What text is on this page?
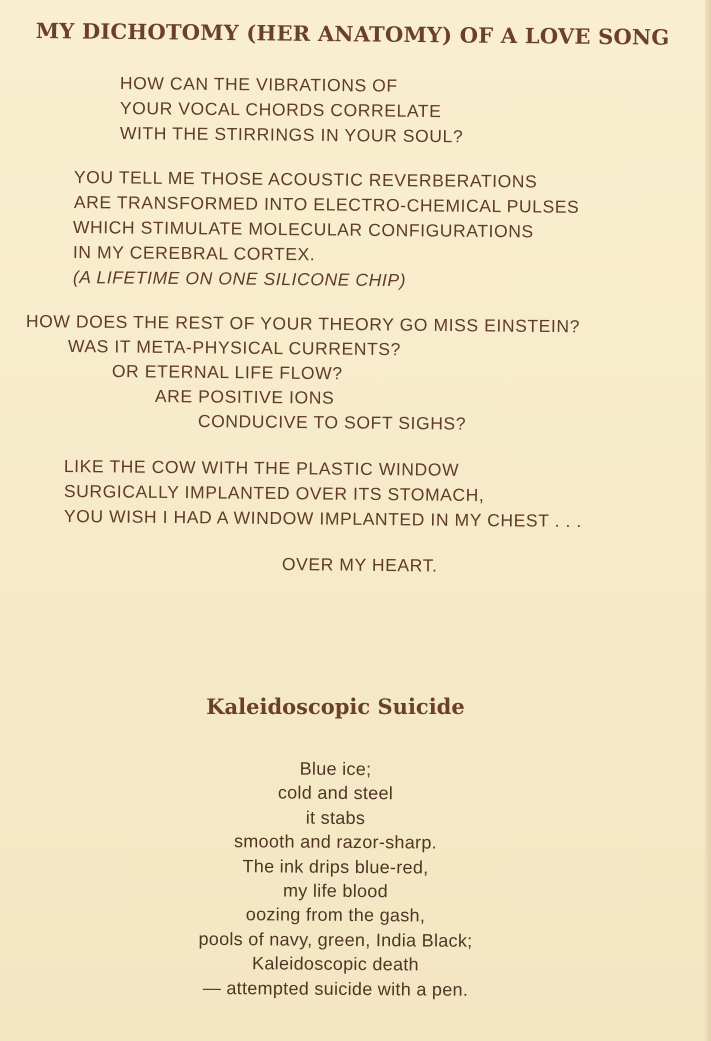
MY DICHOTOMY (HER ANATOMY) OF A LOVE SONG
HOW CAN THE VIBRATIONS OF
YOUR VOCAL CHORDS CORRELATE
WITH THE STIRRINGS IN YOUR SOUL?
YOU TELL ME THOSE ACOUSTIC REVERBERATIONS
ARE TRANSFORMED INTO ELECTRO-CHEMICAL PULSES
WHICH STIMULATE MOLECULAR CONFIGURATIONS
IN MY CEREBRAL CORTEX.
(A LIFETIME ON ONE SILICONE CHIP)
HOW DOES THE REST OF YOUR THEORY GO MISS EINSTEIN?
WAS IT META-PHYSICAL CURRENTS?
OR ETERNAL LIFE FLOW?
ARE POSITIVE IONS
CONDUCIVE TO SOFT SIGHS?
LIKE THE COW WITH THE PLASTIC WINDOW
SURGICALLY IMPLANTED OVER ITS STOMACH,
YOU WISH I HAD A WINDOW IMPLANTED IN MY CHEST . . .
OVER MY HEART.
Kaleidoscopic Suicide
Blue ice;
cold and steel
it stabs
smooth and razor-sharp.
The ink drips blue-red,
my life blood
oozing from the gash,
pools of navy, green, India Black;
Kaleidoscopic death
— attempted suicide with a pen.
